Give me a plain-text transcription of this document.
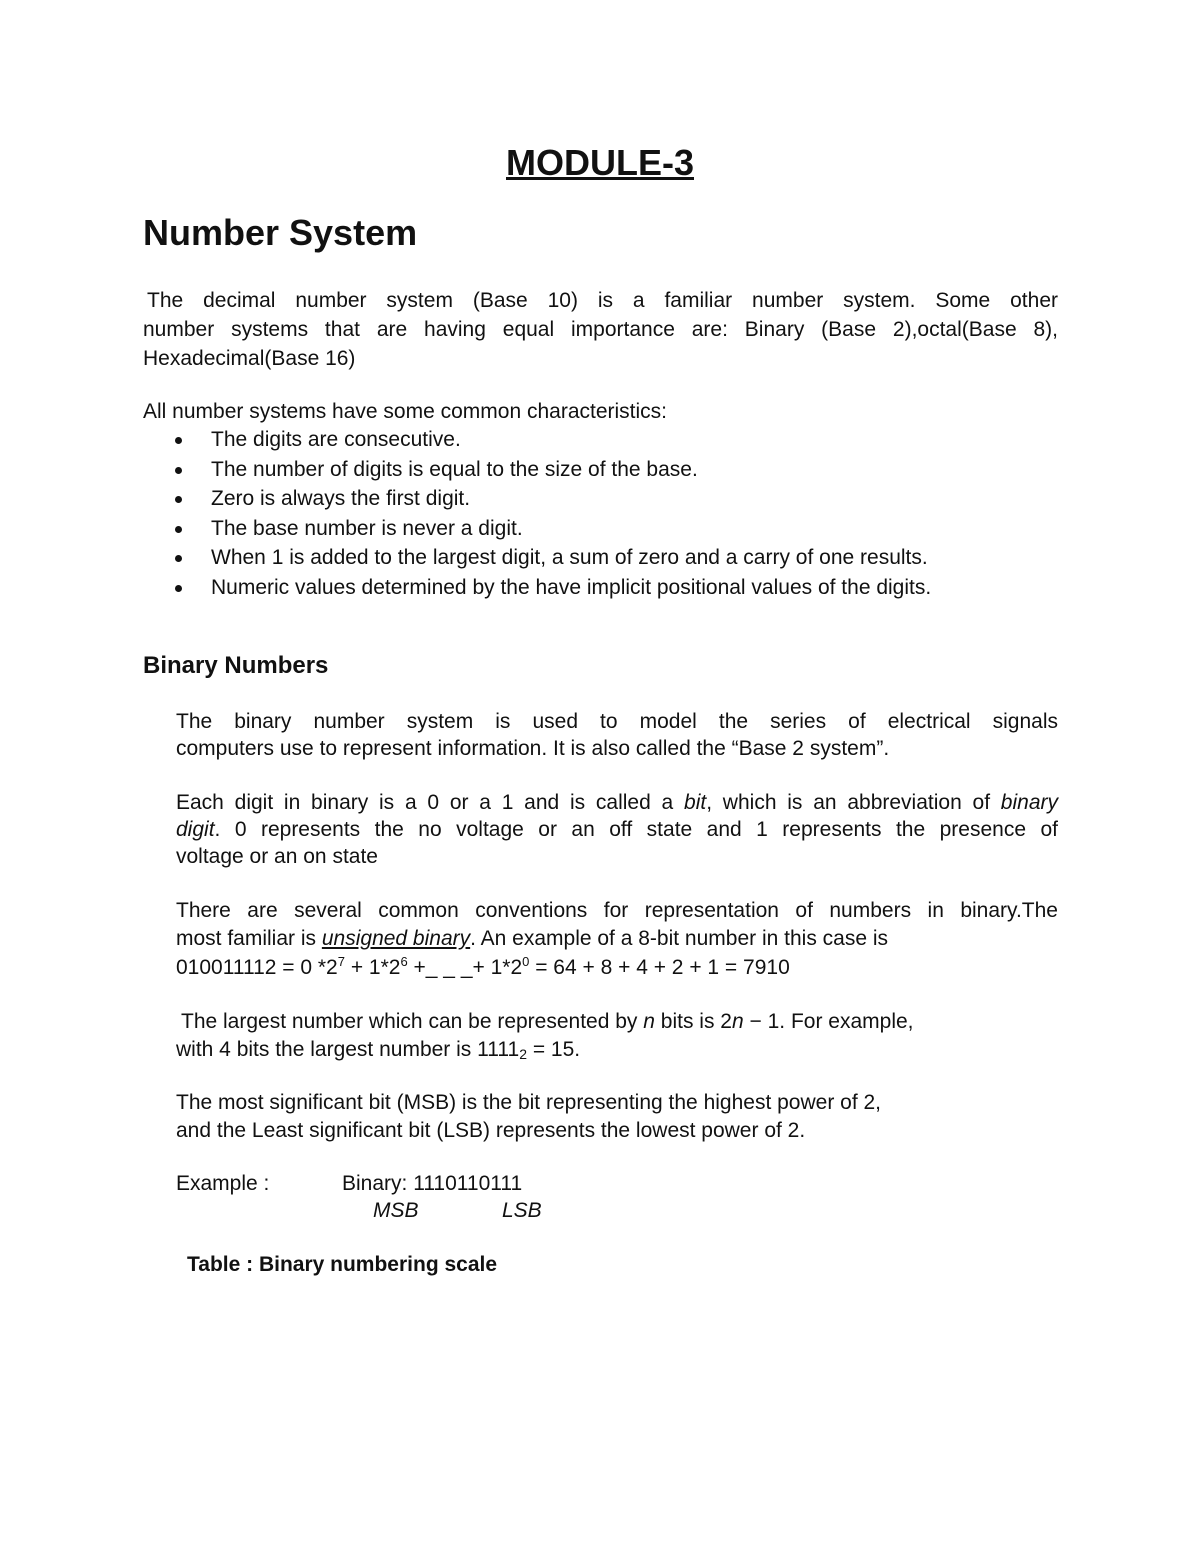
MODULE-3
Number System
The decimal number system (Base 10) is a familiar number system. Some other
number systems that are having equal importance are: Binary (Base 2),octal(Base 8),
Hexadecimal(Base 16)
All number systems have some common characteristics:
The digits are consecutive.
The number of digits is equal to the size of the base.
Zero is always the first digit.
The base number is never a digit.
When 1 is added to the largest digit, a sum of zero and a carry of one results.
Numeric values determined by the have implicit positional values of the digits.
Binary Numbers
The binary number system is used to model the series of electrical signals
computers use to represent information. It is also called the “Base 2 system”.
Each digit in binary is a 0 or a 1 and is called a bit, which is an abbreviation of binary
digit. 0 represents the no voltage or an off state and 1 represents the presence of
voltage or an on state
There are several common conventions for representation of numbers in binary.The
most familiar is unsigned binary. An example of a 8-bit number in this case is
010011112 = 0 $*2^7 + 1*2^6$ +_ _ _+ $1*2^0 = 64 + 8 + 4 + 2 + 1 = 7910$
The largest number which can be represented by n bits is 2n − 1. For example,
with 4 bits the largest number is $1111_2 = 15$.
The most significant bit (MSB) is the bit representing the highest power of 2,
and the Least significant bit (LSB) represents the lowest power of 2.
Example :	Binary: 1110110111
MSB	LSB
Table : Binary numbering scale
